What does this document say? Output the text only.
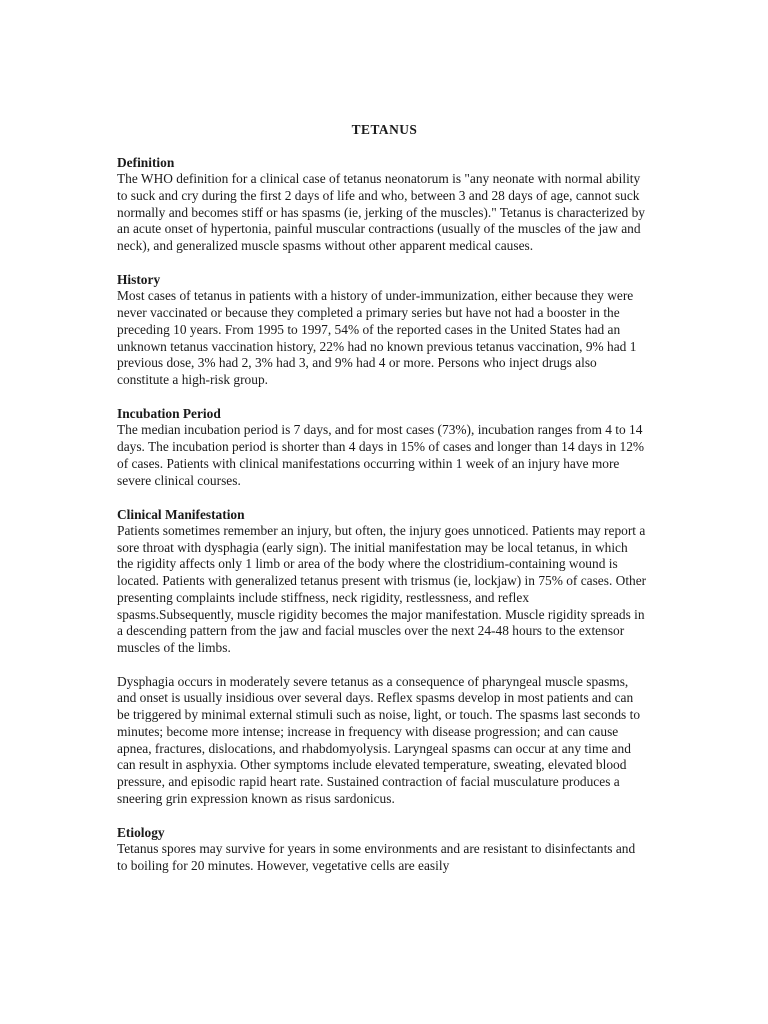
TETANUS
Definition
The WHO definition for a clinical case of tetanus neonatorum is "any neonate with normal ability to suck and cry during the first 2 days of life and who, between 3 and 28 days of age, cannot suck normally and becomes stiff or has spasms (ie, jerking of the muscles)." Tetanus is characterized by an acute onset of hypertonia, painful muscular contractions (usually of the muscles of the jaw and neck), and generalized muscle spasms without other apparent medical causes.
History
Most cases of tetanus in patients with a history of under-immunization, either because they were never vaccinated or because they completed a primary series but have not had a booster in the preceding 10 years. From 1995 to 1997, 54% of the reported cases in the United States had an unknown tetanus vaccination history, 22% had no known previous tetanus vaccination, 9% had 1 previous dose, 3% had 2, 3% had 3, and 9% had 4 or more. Persons who inject drugs also constitute a high-risk group.
Incubation Period
The median incubation period is 7 days, and for most cases (73%), incubation ranges from 4 to 14 days. The incubation period is shorter than 4 days in 15% of cases and longer than 14 days in 12% of cases. Patients with clinical manifestations occurring within 1 week of an injury have more severe clinical courses.
Clinical Manifestation
Patients sometimes remember an injury, but often, the injury goes unnoticed. Patients may report a sore throat with dysphagia (early sign). The initial manifestation may be local tetanus, in which the rigidity affects only 1 limb or area of the body where the clostridium-containing wound is located. Patients with generalized tetanus present with trismus (ie, lockjaw) in 75% of cases. Other presenting complaints include stiffness, neck rigidity, restlessness, and reflex spasms.Subsequently, muscle rigidity becomes the major manifestation. Muscle rigidity spreads in a descending pattern from the jaw and facial muscles over the next 24-48 hours to the extensor muscles of the limbs.
Dysphagia occurs in moderately severe tetanus as a consequence of pharyngeal muscle spasms, and onset is usually insidious over several days. Reflex spasms develop in most patients and can be triggered by minimal external stimuli such as noise, light, or touch. The spasms last seconds to minutes; become more intense; increase in frequency with disease progression; and can cause apnea, fractures, dislocations, and rhabdomyolysis. Laryngeal spasms can occur at any time and can result in asphyxia. Other symptoms include elevated temperature, sweating, elevated blood pressure, and episodic rapid heart rate. Sustained contraction of facial musculature produces a sneering grin expression known as risus sardonicus.
Etiology
Tetanus spores may survive for years in some environments and are resistant to disinfectants and to boiling for 20 minutes. However, vegetative cells are easily
